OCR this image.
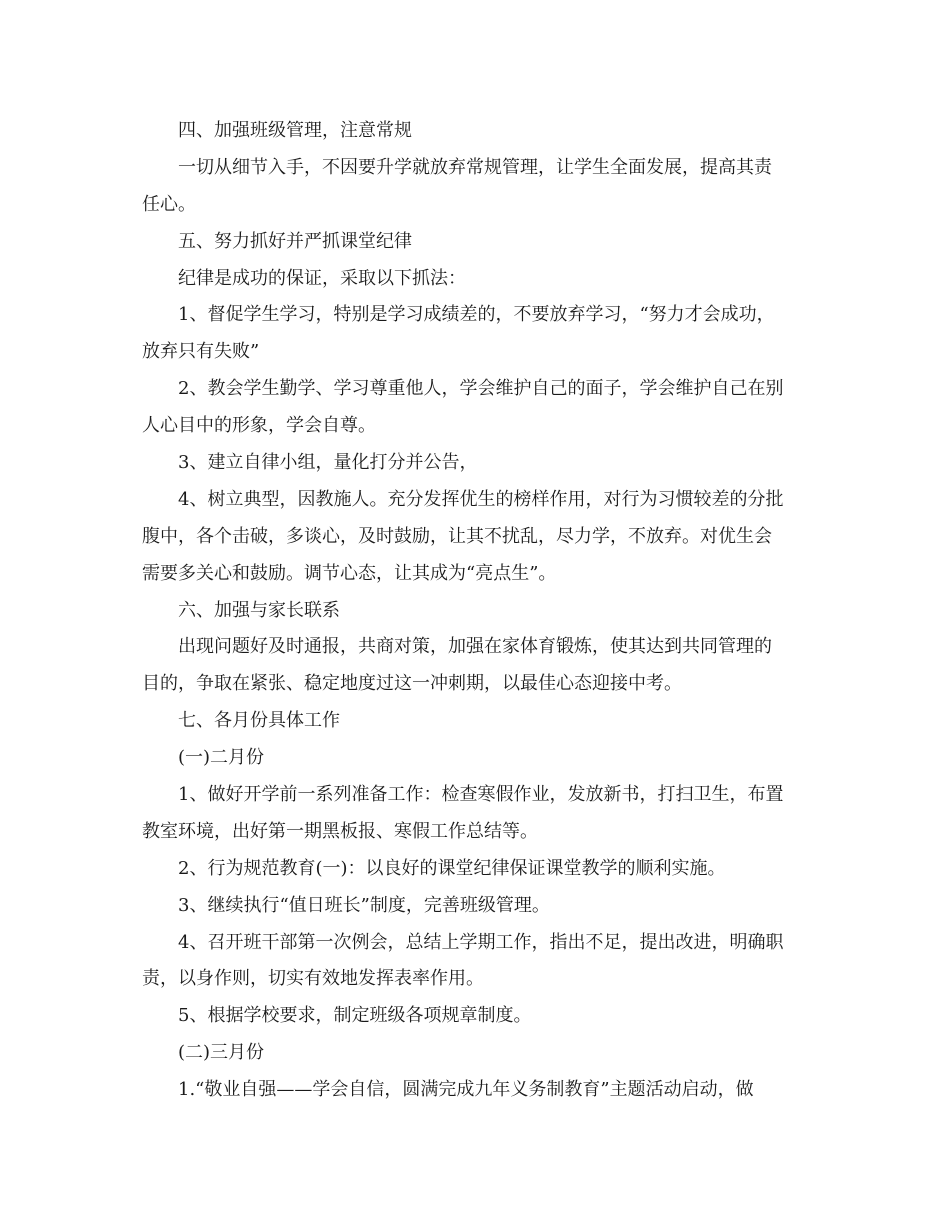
四、加强班级管理，注意常规
一切从细节入手，不因要升学就放弃常规管理，让学生全面发展，提高其责
任心。
五、努力抓好并严抓课堂纪律
纪律是成功的保证，采取以下抓法：
1、督促学生学习，特别是学习成绩差的，不要放弃学习，“努力才会成功，
放弃只有失败”
2、教会学生勤学、学习尊重他人，学会维护自己的面子，学会维护自己在别
人心目中的形象，学会自尊。
3、建立自律小组，量化打分并公告，
4、树立典型，因教施人。充分发挥优生的榜样作用，对行为习惯较差的分批
腹中，各个击破，多谈心，及时鼓励，让其不扰乱，尽力学，不放弃。对优生会
需要多关心和鼓励。调节心态，让其成为“亮点生”。
六、加强与家长联系
出现问题好及时通报，共商对策，加强在家体育锻炼，使其达到共同管理的
目的，争取在紧张、稳定地度过这一冲刺期，以最佳心态迎接中考。
七、各月份具体工作
(一)二月份
1、做好开学前一系列准备工作：检查寒假作业，发放新书，打扫卫生，布置
教室环境，出好第一期黑板报、寒假工作总结等。
2、行为规范教育(一)：以良好的课堂纪律保证课堂教学的顺利实施。
3、继续执行“值日班长”制度，完善班级管理。
4、召开班干部第一次例会，总结上学期工作，指出不足，提出改进，明确职
责，以身作则，切实有效地发挥表率作用。
5、根据学校要求，制定班级各项规章制度。
(二)三月份
1.“敬业自强——学会自信，圆满完成九年义务制教育”主题活动启动，做
